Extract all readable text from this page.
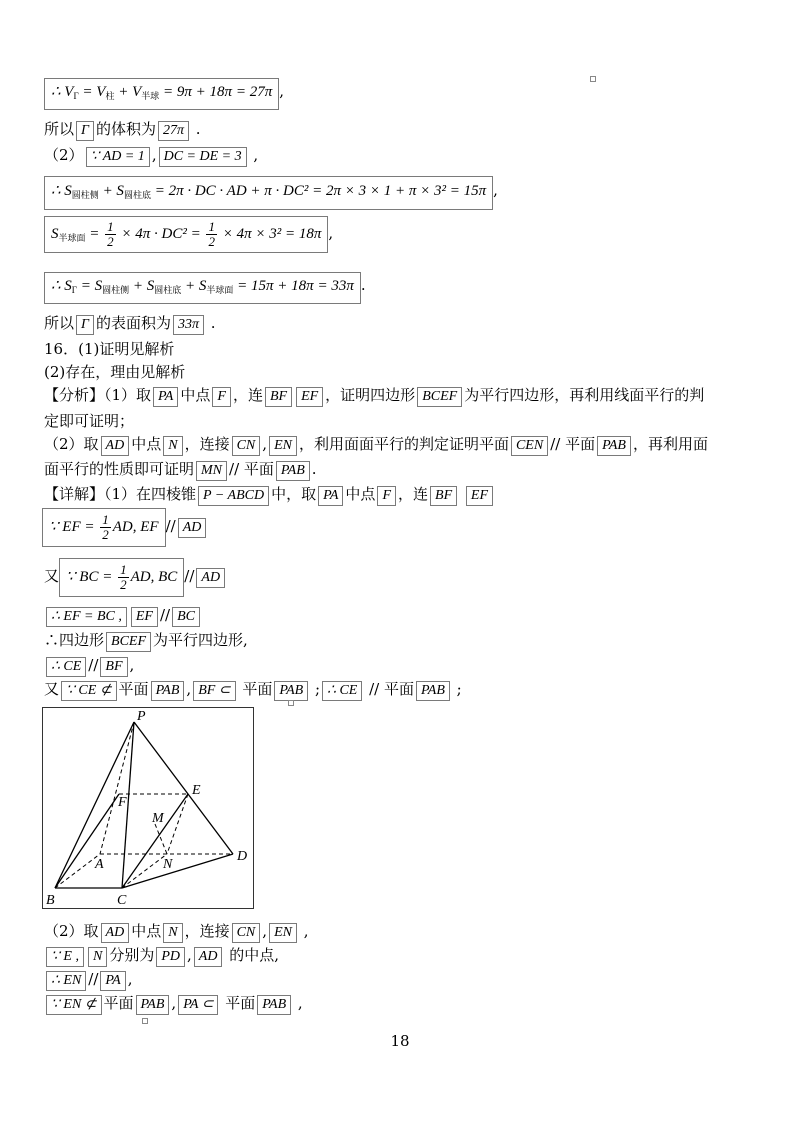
∴ $V_\Gamma = V_柱 + V_{半球} = 9\pi + 18\pi = 27\pi$ ,
所以 Γ 的体积为 27π .
（2） ∵ AD = 1 , DC = DE = 3 ,
∴ $S_{圆柱侧} + S_{圆柱底} = 2\pi$ · DC · AD + π · DC² = 2π × 3 × 1 + π × 3² = 15π ,
$S_{半球面} = \frac{1}{2} \times 4\pi \cdot DC^2 = \frac{1}{2} \times 4\pi \times 3^2 = 18\pi$ ,
∴ $S_\Gamma = S_{圆柱侧} + S_{圆柱底} + S_{半球面} = 15\pi + 18\pi = 33\pi$ .
所以 Γ 的表面积为 33π .
16．(1)证明见解析
(2)存在，理由见解析
【分析】（1）取 PA 中点 F ，连 BF EF ，证明四边形 BCEF 为平行四边形，再利用线面平行的判
定即可证明；
（2）取 AD 中点 N ，连接 CN , EN ，利用面面平行的判定证明平面 CEN // 平面 PAB ，再利用面
面平行的性质即可证明 MN // 平面 PAB .
【详解】（1）在四棱锥 P − ABCD 中，取 PA 中点 F ，连 BF EF
∵ EF = $\frac{1}{2}$ AD, EF // AD
又 ∵ BC = $\frac{1}{2}$ AD, BC // AD
∴ EF = BC , EF // BC
∴四边形 BCEF 为平行四边形,
∴ CE // BF ,
又 ∵ CE ⊄ 平面 PAB , BF ⊂ 平面 PAB ; ∴ CE // 平面 PAB ;
P
E
F
M
A	N
D
B	C
（2）取 AD 中点 N ，连接 CN , EN ,
∵ E , N 分别为 PD , AD 的中点,
∴ EN // PA ,
∵ EN ⊄ 平面 PAB , PA ⊂ 平面 PAB ,
18
